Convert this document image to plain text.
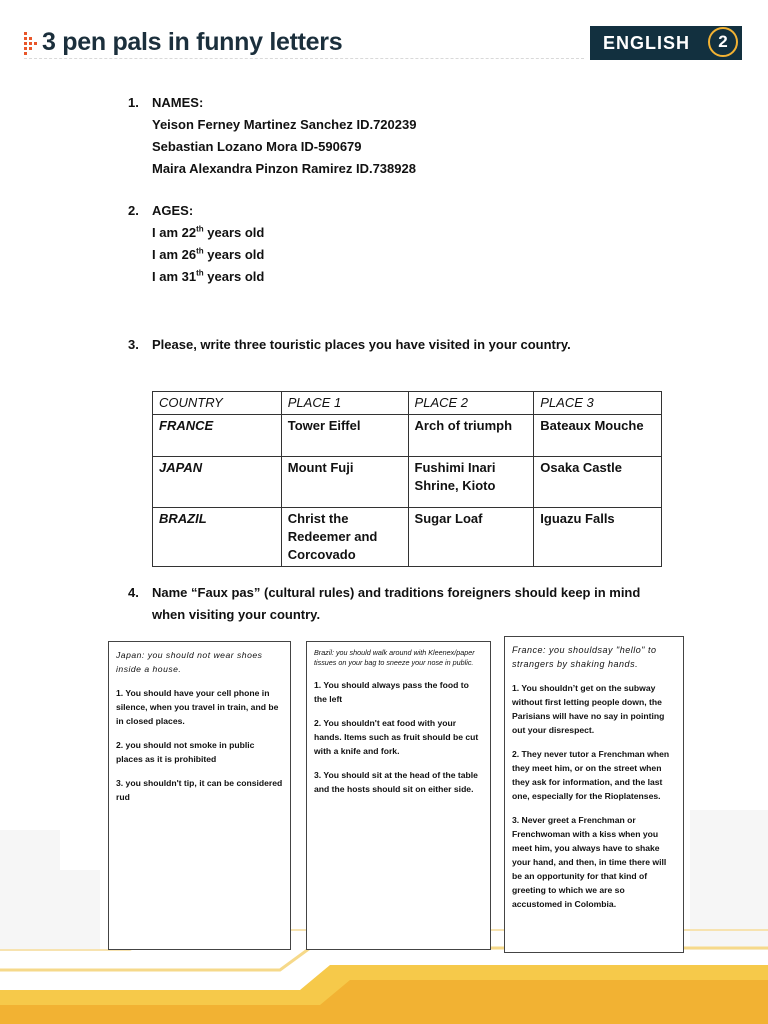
3 pen pals in funny letters	ENGLISH	2
1. NAMES:
Yeison Ferney Martinez Sanchez ID.720239
Sebastian Lozano Mora ID-590679
Maira Alexandra Pinzon Ramirez ID.738928
2. AGES:
I am 22th years old
I am 26th years old
I am 31th years old
3. Please, write three touristic places you have visited in your country.
COUNTRY	PLACE 1	PLACE 2	PLACE 3
FRANCE	Tower Eiffel	Arch of triumph	Bateaux Mouche
JAPAN	Mount Fuji	Fushimi Inari Shrine, Kioto	Osaka Castle
BRAZIL	Christ the Redeemer and Corcovado	Sugar Loaf	Iguazu Falls
4. Name “Faux pas” (cultural rules) and traditions foreigners should keep in mind
when visiting your country.
Japan: you should not wear shoes inside a house.

1. You should have your cell phone in silence, when you travel in train, and be in closed places.

2. you should not smoke in public places as it is prohibited

3. you shouldn't tip, it can be considered rud

Brazil: you should walk around with Kleenex/paper tissues on your bag to sneeze your nose in public.

1. You should always pass the food to the left

2. You shouldn't eat food with your hands. Items such as fruit should be cut with a knife and fork.

3. You should sit at the head of the table and the hosts should sit on either side.

France: you shouldsay "hello" to strangers by shaking hands.

1. You shouldn’t get on the subway without first letting people down, the Parisians will have no say in pointing out your disrespect.

2. They never tutor a Frenchman when they meet him, or on the street when they ask for information, and the last one, especially for the Rioplatenses.

3. Never greet a Frenchman or Frenchwoman with a kiss when you meet him, you always have to shake your hand, and then, in time there will be an opportunity for that kind of greeting to which we are so accustomed in Colombia.
